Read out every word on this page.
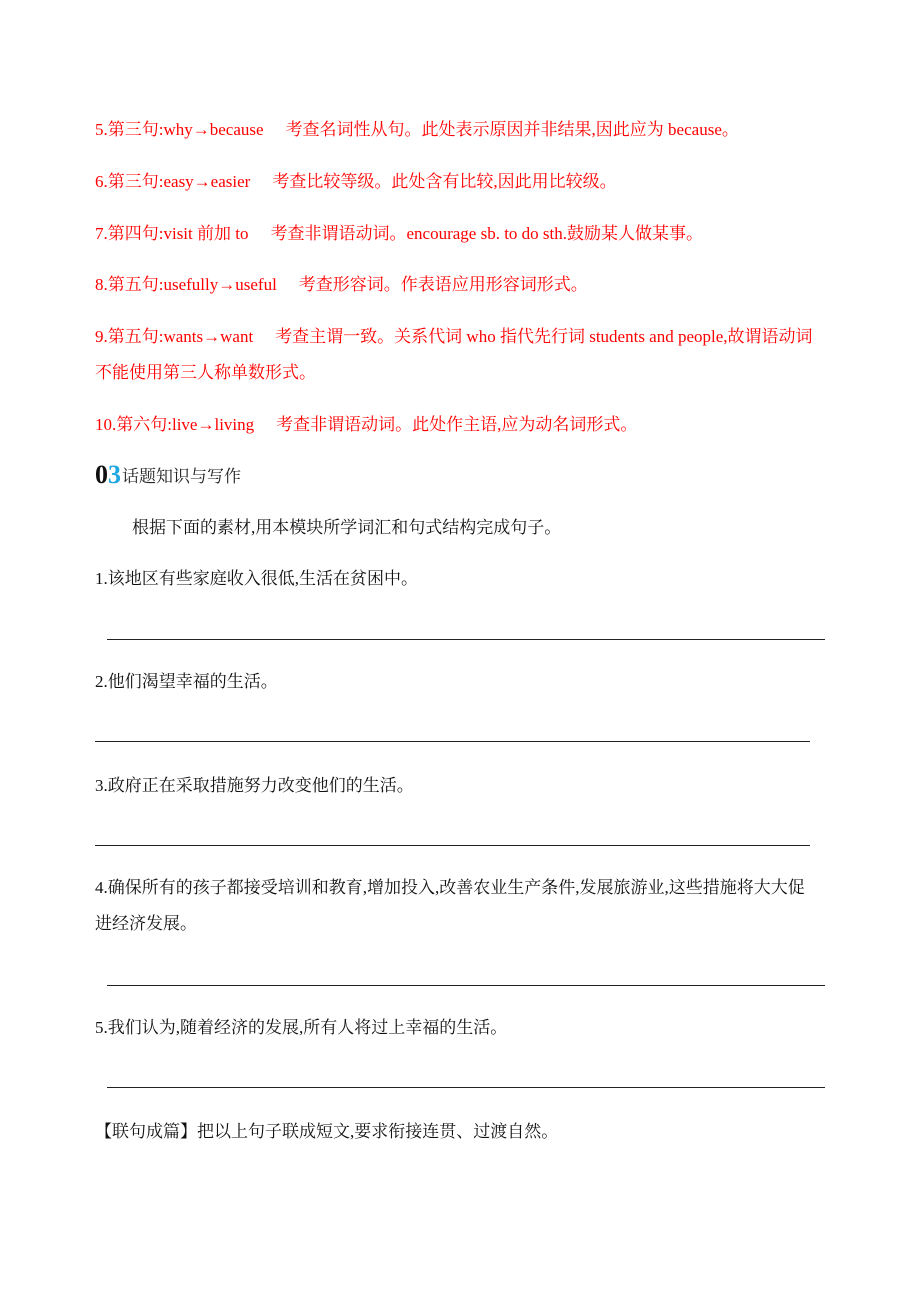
5.第三句:why→because 考查名词性从句。此处表示原因并非结果,因此应为 because。
6.第三句:easy→easier 考查比较等级。此处含有比较,因此用比较级。
7.第四句:visit 前加 to 考查非谓语动词。encourage sb. to do sth.鼓励某人做某事。
8.第五句:usefully→useful 考查形容词。作表语应用形容词形式。
9.第五句:wants→want 考查主谓一致。关系代词 who 指代先行词 students and people,故谓语动词不能使用第三人称单数形式。
10.第六句:live→living 考查非谓语动词。此处作主语,应为动名词形式。
0 3 话题知识与写作
根据下面的素材,用本模块所学词汇和句式结构完成句子。
1.该地区有些家庭收入很低,生活在贫困中。
2.他们渴望幸福的生活。
3.政府正在采取措施努力改变他们的生活。
4.确保所有的孩子都接受培训和教育,增加投入,改善农业生产条件,发展旅游业,这些措施将大大促进经济发展。
5.我们认为,随着经济的发展,所有人将过上幸福的生活。
【联句成篇】把以上句子联成短文,要求衔接连贯、过渡自然。
